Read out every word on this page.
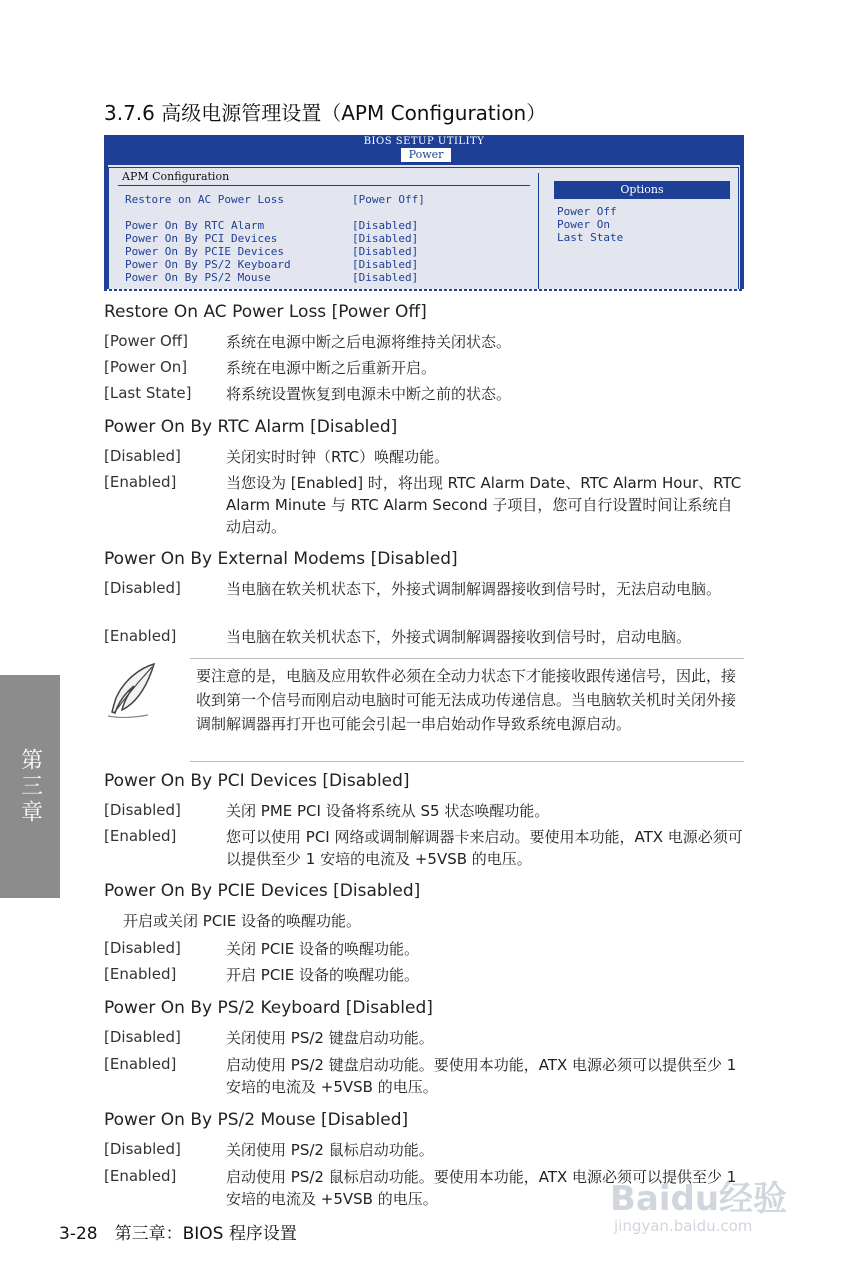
3.7.6 高级电源管理设置（APM Configuration）
BIOS SETUP UTILITY
Power
APM Configuration
Restore on AC Power Loss	[Power Off]
Power On By RTC Alarm	[Disabled]
Power On By PCI Devices	[Disabled]
Power On By PCIE Devices	[Disabled]
Power On By PS/2 Keyboard	[Disabled]
Power On By PS/2 Mouse	[Disabled]
Options
Power Off
Power On
Last State
Restore On AC Power Loss [Power Off]
[Power Off]	系统在电源中断之后电源将维持关闭状态。
[Power On]	系统在电源中断之后重新开启。
[Last State] 将系统设置恢复到电源未中断之前的状态。
Power On By RTC Alarm [Disabled]
[Disabled]	关闭实时时钟（RTC）唤醒功能。
[Enabled]	当您设为 [Enabled] 时，将出现 RTC Alarm Date、RTC Alarm Hour、RTC Alarm Minute 与 RTC Alarm Second 子项目，您可自行设置时间让系统自动启动。
Power On By External Modems [Disabled]
[Disabled]	当电脑在软关机状态下，外接式调制解调器接收到信号时，无法启动电脑。
[Enabled]	当电脑在软关机状态下，外接式调制解调器接收到信号时，启动电脑。
要注意的是，电脑及应用软件必须在全动力状态下才能接收跟传递信号，因此，接收到第一个信号而刚启动电脑时可能无法成功传递信息。当电脑软关机时关闭外接调制解调器再打开也可能会引起一串启始动作导致系统电源启动。
Power On By PCI Devices [Disabled]
[Disabled]	关闭 PME PCI 设备将系统从 S5 状态唤醒功能。
[Enabled]	您可以使用 PCI 网络或调制解调器卡来启动。要使用本功能，ATX 电源必须可以提供至少 1 安培的电流及 +5VSB 的电压。
Power On By PCIE Devices [Disabled]
开启或关闭 PCIE 设备的唤醒功能。
[Disabled]	关闭 PCIE 设备的唤醒功能。
[Enabled]	开启 PCIE 设备的唤醒功能。
Power On By PS/2 Keyboard [Disabled]
[Disabled]	关闭使用 PS/2 键盘启动功能。
[Enabled]	启动使用 PS/2 键盘启动功能。要使用本功能，ATX 电源必须可以提供至少 1 安培的电流及 +5VSB 的电压。
Power On By PS/2 Mouse [Disabled]
[Disabled]	关闭使用 PS/2 鼠标启动功能。
[Enabled]	启动使用 PS/2 鼠标启动功能。要使用本功能，ATX 电源必须可以提供至少 1 安培的电流及 +5VSB 的电压。
第三章
3-28　第三章：BIOS 程序设置
Baidu经验
jingyan.baidu.com
